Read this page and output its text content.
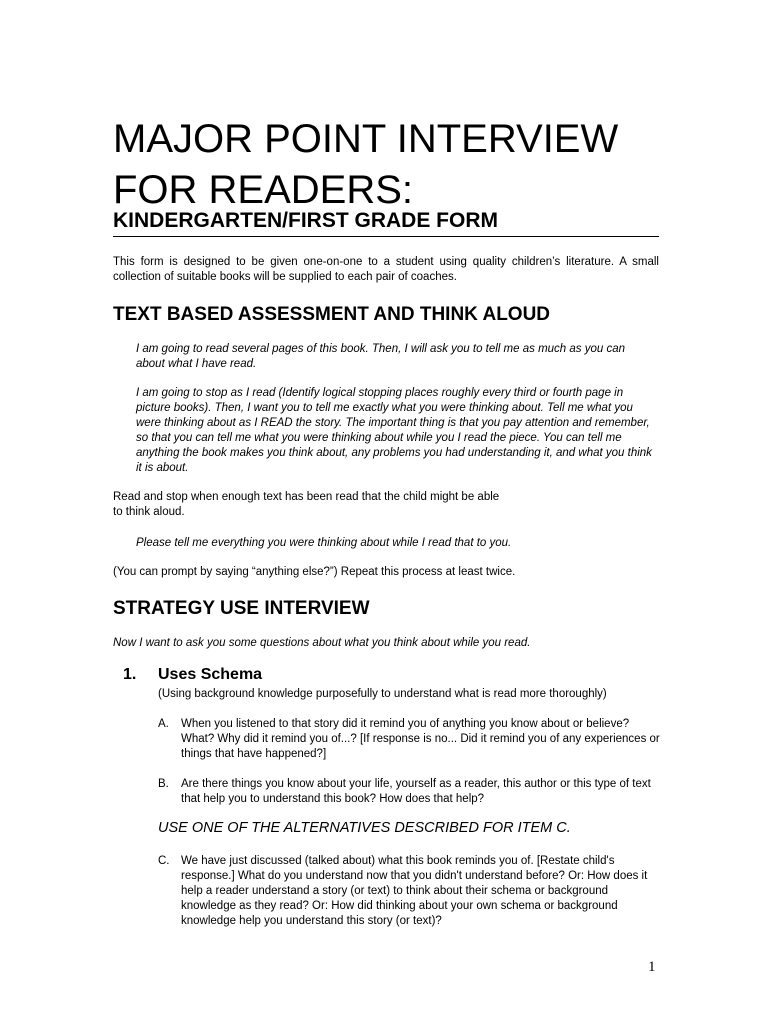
MAJOR POINT INTERVIEW
FOR READERS:
KINDERGARTEN/FIRST GRADE FORM

This form is designed to be given one-on-one to a student using quality children’s literature. A small collection of suitable books will be supplied to each pair of coaches.

TEXT BASED ASSESSMENT AND THINK ALOUD

I am going to read several pages of this book. Then, I will ask you to tell me as much as you can about what I have read.

I am going to stop as I read (Identify logical stopping places roughly every third or fourth page in picture books). Then, I want you to tell me exactly what you were thinking about. Tell me what you were thinking about as I READ the story. The important thing is that you pay attention and remember, so that you can tell me what you were thinking about while you I read the piece. You can tell me anything the book makes you think about, any problems you had understanding it, and what you think it is about.

Read and stop when enough text has been read that the child might be able
to think aloud.

Please tell me everything you were thinking about while I read that to you.

(You can prompt by saying “anything else?”) Repeat this process at least twice.

STRATEGY USE INTERVIEW

Now I want to ask you some questions about what you think about while you read.

1. Uses Schema

(Using background knowledge purposefully to understand what is read more thoroughly)

A. When you listened to that story did it remind you of anything you know about or believe? What? Why did it remind you of...? [If response is no... Did it remind you of any experiences or things that have happened?]

B. Are there things you know about your life, yourself as a reader, this author or this type of text that help you to understand this book? How does that help?

USE ONE OF THE ALTERNATIVES DESCRIBED FOR ITEM C.

C. We have just discussed (talked about) what this book reminds you of. [Restate child's response.] What do you understand now that you didn't understand before? Or: How does it help a reader understand a story (or text) to think about their schema or background knowledge as they read? Or: How did thinking about your own schema or background knowledge help you understand this story (or text)?

1
